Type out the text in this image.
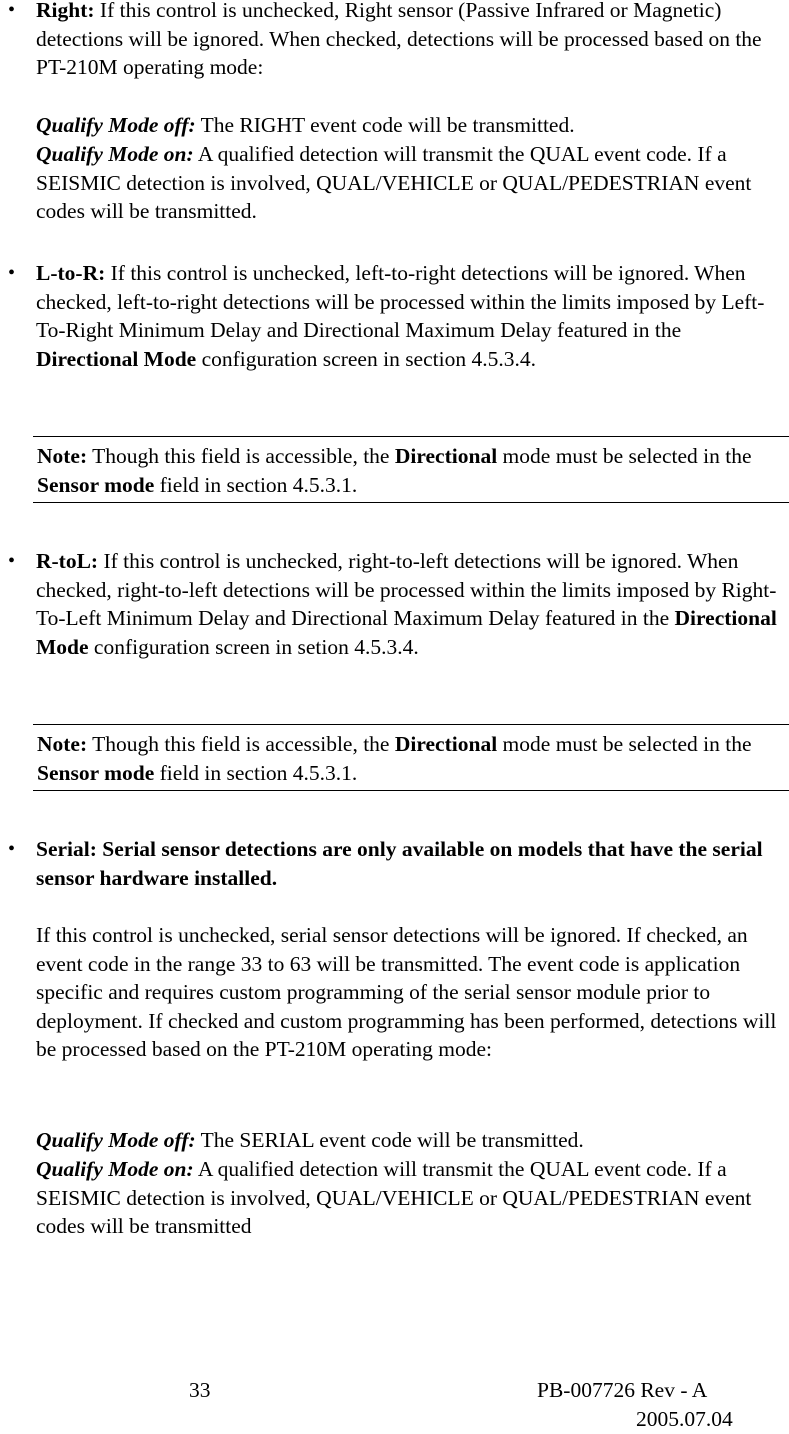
• Right: If this control is unchecked, Right sensor (Passive Infrared or Magnetic) detections will be ignored. When checked, detections will be processed based on the PT-210M operating mode:
Qualify Mode off: The RIGHT event code will be transmitted.
Qualify Mode on: A qualified detection will transmit the QUAL event code. If a SEISMIC detection is involved, QUAL/VEHICLE or QUAL/PEDESTRIAN event codes will be transmitted.
• L-to-R: If this control is unchecked, left-to-right detections will be ignored. When checked, left-to-right detections will be processed within the limits imposed by Left-To-Right Minimum Delay and Directional Maximum Delay featured in the Directional Mode configuration screen in section 4.5.3.4.
Note: Though this field is accessible, the Directional mode must be selected in the Sensor mode field in section 4.5.3.1.
• R-toL: If this control is unchecked, right-to-left detections will be ignored. When checked, right-to-left detections will be processed within the limits imposed by Right-To-Left Minimum Delay and Directional Maximum Delay featured in the Directional Mode configuration screen in setion 4.5.3.4.
Note: Though this field is accessible, the Directional mode must be selected in the Sensor mode field in section 4.5.3.1.
• Serial: Serial sensor detections are only available on models that have the serial sensor hardware installed.
If this control is unchecked, serial sensor detections will be ignored. If checked, an event code in the range 33 to 63 will be transmitted. The event code is application specific and requires custom programming of the serial sensor module prior to deployment. If checked and custom programming has been performed, detections will be processed based on the PT-210M operating mode:
Qualify Mode off: The SERIAL event code will be transmitted.
Qualify Mode on: A qualified detection will transmit the QUAL event code. If a SEISMIC detection is involved, QUAL/VEHICLE or QUAL/PEDESTRIAN event codes will be transmitted
33	PB-007726 Rev - A
2005.07.04
